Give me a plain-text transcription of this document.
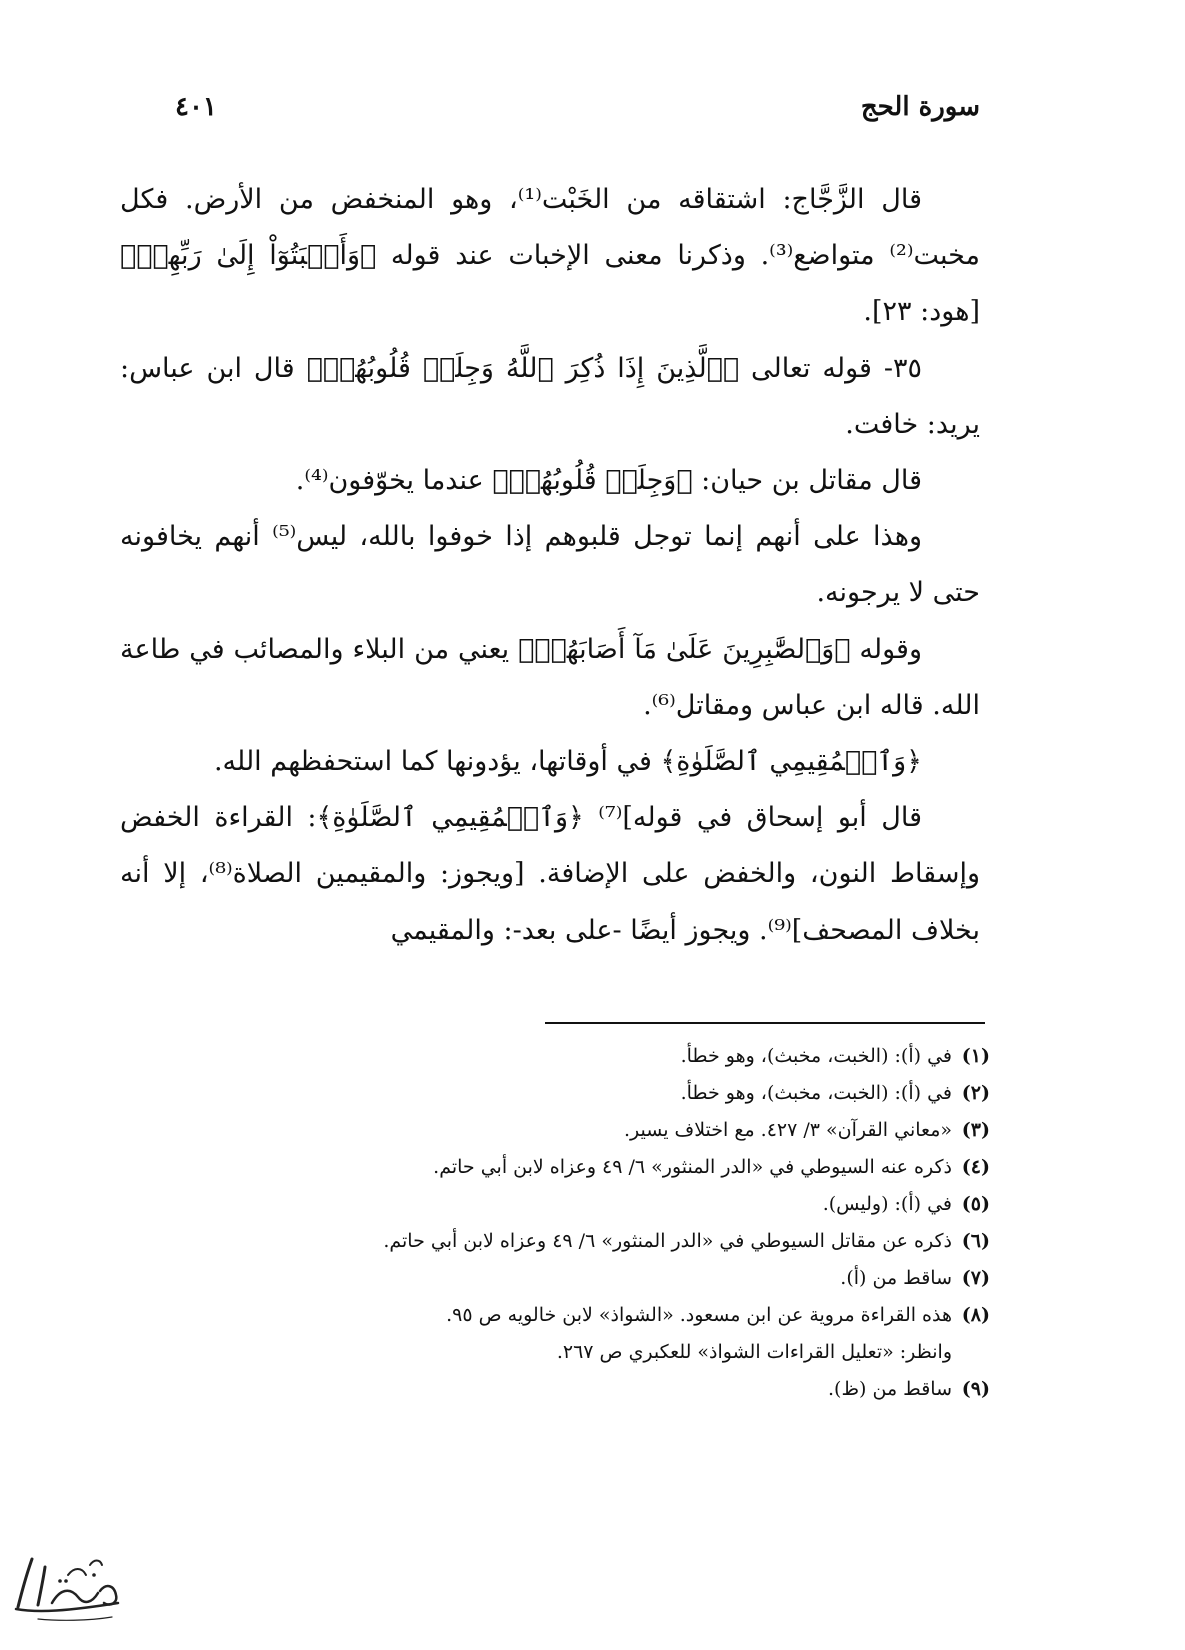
سورة الحج
٤٠١

قال الزَّجَّاج: اشتقاقه من الخَبْت⁽¹⁾، وهو المنخفض من الأرض. فكل مخبت⁽²⁾ متواضع⁽³⁾. وذكرنا معنى الإخبات عند قوله ﴿وَأَخۡبَتُوٓاْ إِلَىٰ رَبِّهِمۡ﴾ [هود: ٢٣].

٣٥- قوله تعالى ﴿ٱلَّذِينَ إِذَا ذُكِرَ ٱللَّهُ وَجِلَتۡ قُلُوبُهُمۡ﴾ قال ابن عباس: يريد: خافت.

قال مقاتل بن حيان: ﴿وَجِلَتۡ قُلُوبُهُمۡ﴾ عندما يخوّفون⁽⁴⁾.

وهذا على أنهم إنما توجل قلبوهم إذا خوفوا بالله، ليس⁽⁵⁾ أنهم يخافونه حتى لا يرجونه.

وقوله ﴿وَٱلصَّٰبِرِينَ عَلَىٰ مَآ أَصَابَهُمۡ﴾ يعني من البلاء والمصائب في طاعة الله. قاله ابن عباس ومقاتل⁽⁶⁾.

﴿وَٱلۡمُقِيمِي ٱلصَّلَوٰةِ﴾ في أوقاتها، يؤدونها كما استحفظهم الله.

قال أبو إسحاق في قوله]⁽⁷⁾ ﴿وَٱلۡمُقِيمِي ٱلصَّلَوٰةِ﴾: القراءة الخفض وإسقاط النون، والخفض على الإضافة. [ويجوز: والمقيمين الصلاة⁽⁸⁾، إلا أنه بخلاف المصحف]⁽⁹⁾. ويجوز أيضًا -على بعد-: والمقيمي

(١)
في (أ): (الخبت، مخبث)، وهو خطأ.
(٢)
في (أ): (الخبت، مخبث)، وهو خطأ.
(٣)
«معاني القرآن» ٣/ ٤٢٧. مع اختلاف يسير.
(٤)
ذكره عنه السيوطي في «الدر المنثور» ٦/ ٤٩ وعزاه لابن أبي حاتم.
(٥)
في (أ): (وليس).
(٦)
ذكره عن مقاتل السيوطي في «الدر المنثور» ٦/ ٤٩ وعزاه لابن أبي حاتم.
(٧)
ساقط من (أ).
(٨)
هذه القراءة مروية عن ابن مسعود. «الشواذ» لابن خالويه ص ٩٥.
وانظر: «تعليل القراءات الشواذ» للعكبري ص ٢٦٧.
(٩)
ساقط من (ظ).
